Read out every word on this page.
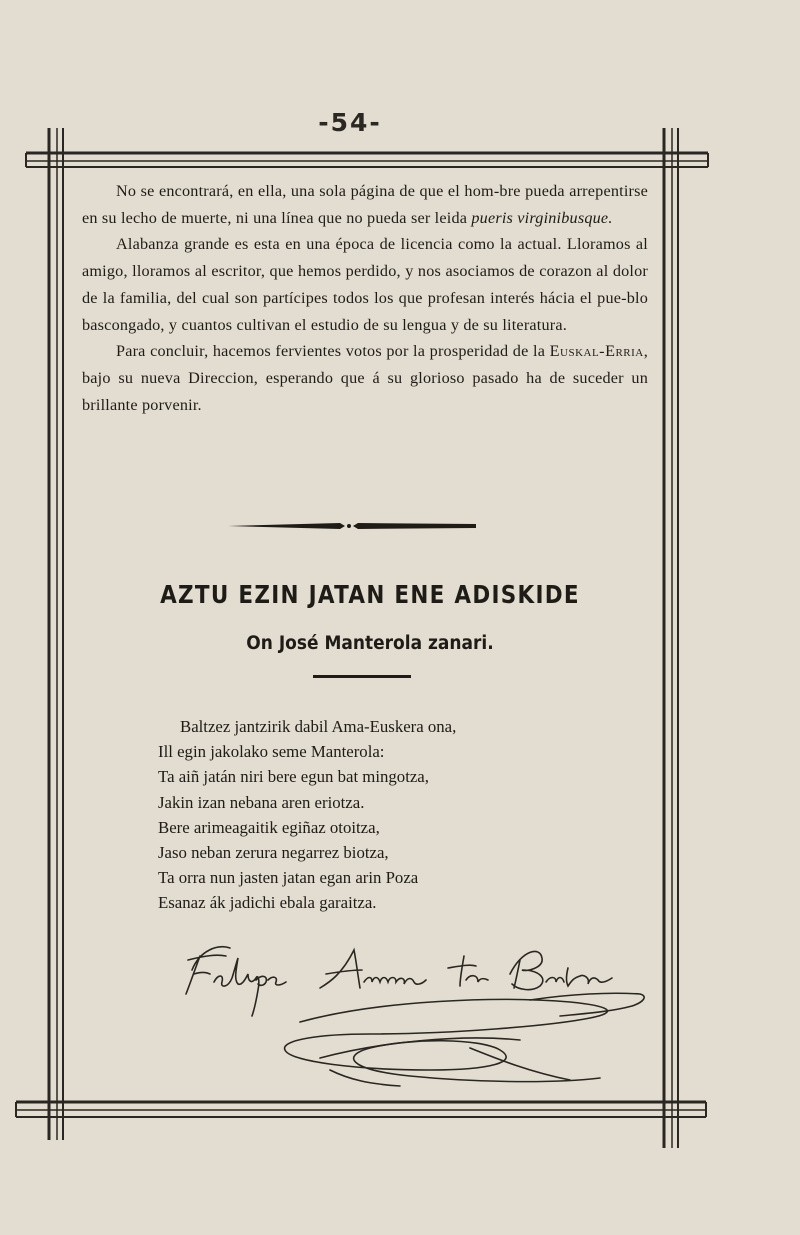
-54-

No se encontrará, en ella, una sola página de que el hom-bre pueda arrepentirse en su lecho de muerte, ni una línea que no pueda ser leida pueris virginibusque.

Alabanza grande es esta en una época de licencia como la actual. Lloramos al amigo, lloramos al escritor, que hemos perdido, y nos asociamos de corazon al dolor de la familia, del cual son partícipes todos los que profesan interés hácia el pue-blo bascongado, y cuantos cultivan el estudio de su lengua y de su literatura.

Para concluir, hacemos fervientes votos por la prosperidad de la Euskal-Erria, bajo su nueva Direccion, esperando que á su glorioso pasado ha de suceder un brillante porvenir.

AZTU EZIN JATAN ENE ADISKIDE
On José Manterola zanari.
Baltzez jantzirik dabil Ama-Euskera ona,
Ill egin jakolako seme Manterola:
Ta aiñ jatán niri bere egun bat mingotza,
Jakin izan nebana aren eriotza.
Bere arimeagaitik egiñaz otoitza,
Jaso neban zerura negarrez biotza,
Ta orra nun jasten jatan egan arin Poza
Esanaz ák jadichi ebala garaitza.
